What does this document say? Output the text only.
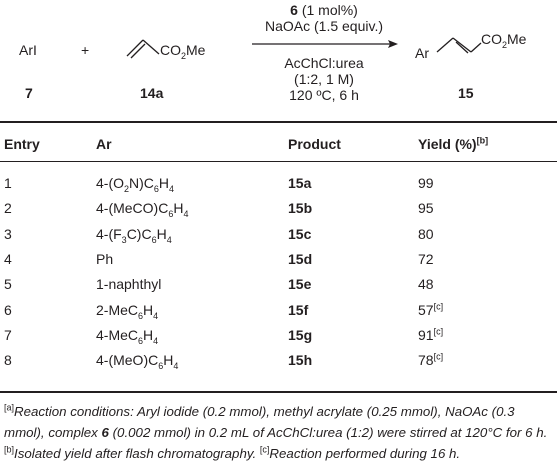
ArI
7
+	$CO_2Me$
14a
6 (1 mol%)
NaOAc (1.5 equiv.)
AcChCl:urea
(1:2, 1 M)
120 ºC, 6 h
Ar
$CO_2Me$
15
Entry	Ar	Product	Yield (%)[b]
1	$4-(O_2N)C_6H_4$	15a	99
2	$4-(MeCO)C_6H_4$	15b	95
3	$4-(F_3C)C_6H_4$	15c	80
4	Ph	15d	72
5	1-naphthyl	15e	48
6	$2-MeC_6H_4$	15f	57[c]
7	$4-MeC_6H_4$	15g	91[c]
8	$4-(MeO)C_6H_4$	15h	78[c]
[a]Reaction conditions: Aryl iodide (0.2 mmol), methyl acrylate (0.25 mmol), NaOAc (0.3 mmol), complex 6 (0.002 mmol) in 0.2 mL of AcChCl:urea (1:2) were stirred at 120°C for 6 h. [b]Isolated yield after flash chromatography. [c]Reaction performed during 16 h.
